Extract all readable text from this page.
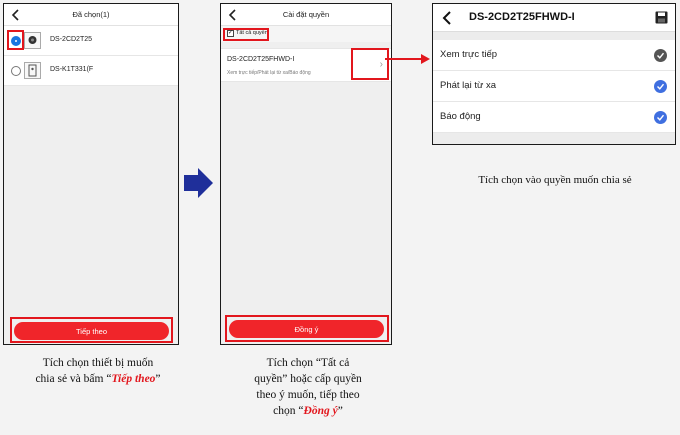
Đã chọn(1)
DS-2CD2T25
DS-K1T331(F
Tiếp theo
Cài đặt quyền
✓ Tất cả quyền
DS-2CD2T25FHWD-I
Xem trực tiếp/Phát lại từ xa/Báo động
›
Đồng ý
DS-2CD2T25FHWD-I
Xem trực tiếp
Phát lại từ xa
Báo động
Tích chọn vào quyền muốn chia sẻ
Tích chọn thiết bị muốn
chia sẻ và bấm “Tiếp theo”
Tích chọn “Tất cả
quyền” hoặc cấp quyền
theo ý muốn, tiếp theo
chọn “Đồng ý”
